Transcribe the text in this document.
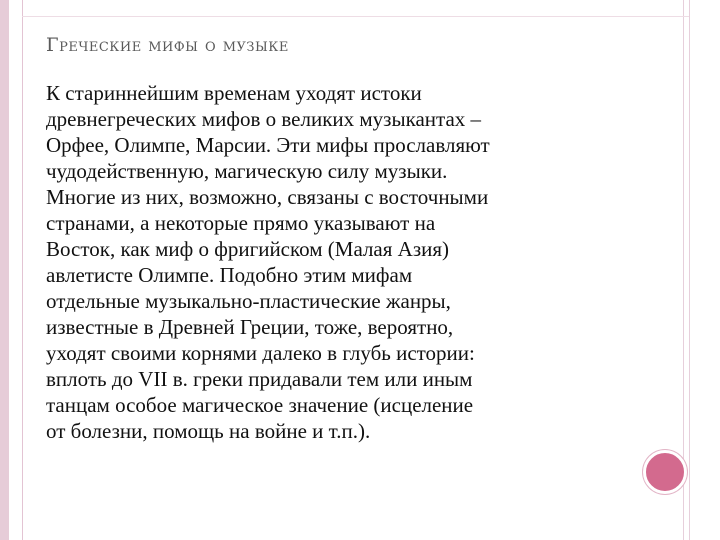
Греческие мифы о музыке

К стариннейшим временам уходят истоки
древнегреческих мифов о великих музыкантах –
Орфее, Олимпе, Марсии. Эти мифы прославляют
чудодейственную, магическую силу музыки.
Многие из них, возможно, связаны с восточными
странами, а некоторые прямо указывают на
Восток, как миф о фригийском (Малая Азия)
авлетисте Олимпе. Подобно этим мифам
отдельные музыкально-пластические жанры,
известные в Древней Греции, тоже, вероятно,
уходят своими корнями далеко в глубь истории:
вплоть до VII в. греки придавали тем или иным
танцам особое магическое значение (исцеление
от болезни, помощь на войне и т.п.).
